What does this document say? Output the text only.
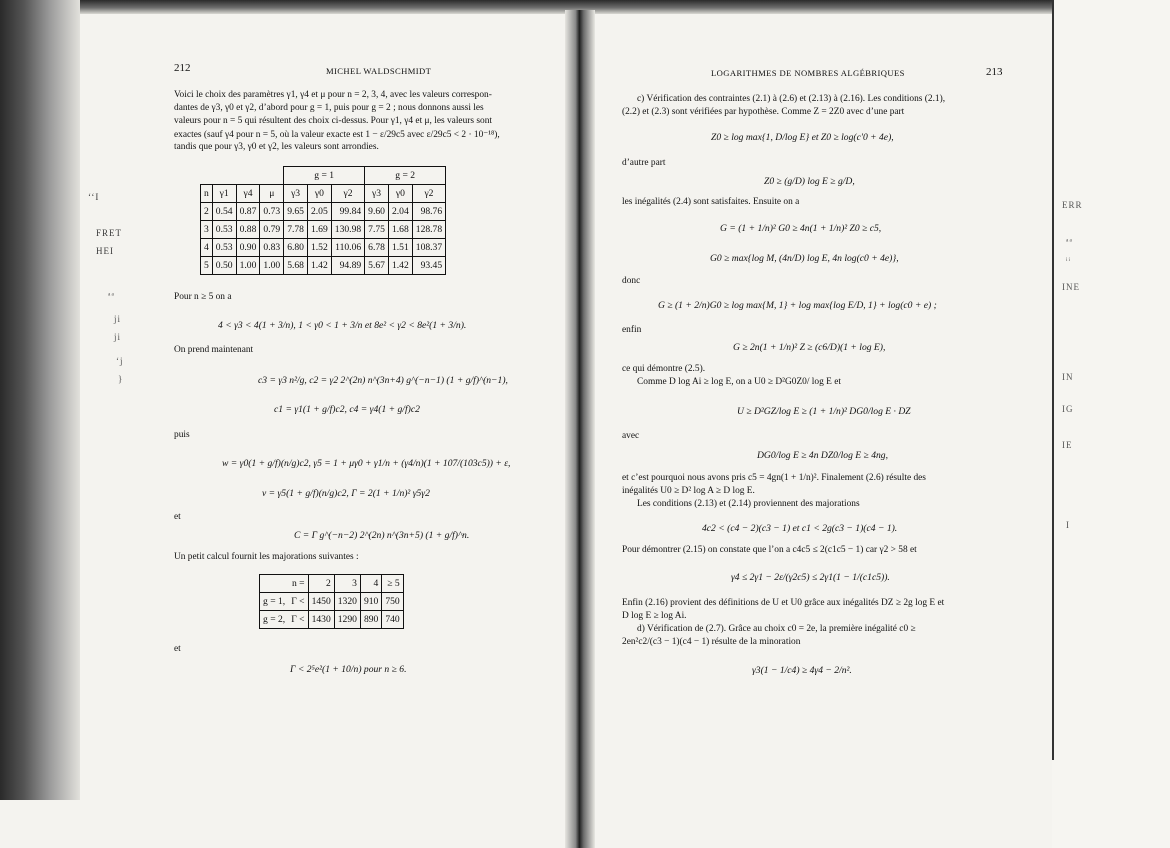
‘‘I
FRET
HEI
ᵃᵃ
ji
ji
‘j
}
ERR
ᵃᵃ
ᵢᵢ
INE
IN
IG
IE
I
212	MICHEL WALDSCHMIDT
Voici le choix des paramètres γ1, γ4 et μ pour n = 2, 3, 4, avec les valeurs correspon-
dantes de γ3, γ0 et γ2, d’abord pour g = 1, puis pour g = 2 ; nous donnons aussi les
valeurs pour n = 5 qui résultent des choix ci-dessus. Pour γ1, γ4 et μ, les valeurs sont
exactes (sauf γ4 pour n = 5, où la valeur exacte est 1 − ε/29c5 avec ε/29c5 < 2 · 10⁻¹⁸),
tandis que pour γ3, γ0 et γ2, les valeurs sont arrondies.
				g = 1			g = 2		
n	γ1	γ4	μ	γ3	γ0	γ2	γ3	γ0	γ2
2	0.54	0.87	0.73	9.65	2.05	99.84	9.60	2.04	98.76
3	0.53	0.88	0.79	7.78	1.69	130.98	7.75	1.68	128.78
4	0.53	0.90	0.83	6.80	1.52	110.06	6.78	1.51	108.37
5	0.50	1.00	1.00	5.68	1.42	94.89	5.67	1.42	93.45
Pour n ≥ 5 on a
4 < γ3 < 4(1 + 3/n), 1 < γ0 < 1 + 3/n et 8e² < γ2 < 8e²(1 + 3/n).
On prend maintenant
c3 = γ3 n²/g, c2 = γ2 2^(2n) n^(3n+4) g^(−n−1) (1 + g/f)^(n−1),
c1 = γ1(1 + g/f)c2, c4 = γ4(1 + g/f)c2
puis
w = γ0(1 + g/f)(n/g)c2, γ5 = 1 + μγ0 + γ1/n + (γ4/n)(1 + 107/(103c5)) + ε,
v = γ5(1 + g/f)(n/g)c2, Γ = 2(1 + 1/n)² γ5γ2
et
C = Γ g^(−n−2) 2^(2n) n^(3n+5) (1 + g/f)^n.
Un petit calcul fournit les majorations suivantes :
	n =	2	3	4	≥ 5
g = 1,	Γ <	1450	1320	910	750
g = 2,	Γ <	1430	1290	890	740
et
Γ < 2⁵e²(1 + 10/n) pour n ≥ 6.
LOGARITHMES DE NOMBRES ALGÉBRIQUES	213
c) Vérification des contraintes (2.1) à (2.6) et (2.13) à (2.16). Les conditions (2.1),
(2.2) et (2.3) sont vérifiées par hypothèse. Comme Z = 2Z0 avec d’une part
Z0 ≥ log max{1, D/log E} et Z0 ≥ log(c′0 + 4e),
d’autre part
Z0 ≥ (g/D) log E ≥ g/D,
les inégalités (2.4) sont satisfaites. Ensuite on a
G = (1 + 1/n)² G0 ≥ 4n(1 + 1/n)² Z0 ≥ c5,
G0 ≥ max{log M, (4n/D) log E, 4n log(c0 + 4e)},
donc
G ≥ (1 + 2/n)G0 ≥ log max{M, 1} + log max{log E/D, 1} + log(c0 + e) ;
enfin
G ≥ 2n(1 + 1/n)² Z ≥ (c6/D)(1 + log E),
ce qui démontre (2.5).
Comme D log Ai ≥ log E, on a U0 ≥ D²G0Z0/ log E et
U ≥ D²GZ/log E ≥ (1 + 1/n)² DG0/log E · DZ
avec
DG0/log E ≥ 4n DZ0/log E ≥ 4ng,
et c’est pourquoi nous avons pris c5 = 4gn(1 + 1/n)². Finalement (2.6) résulte des
inégalités U0 ≥ D² log A ≥ D log E.
Les conditions (2.13) et (2.14) proviennent des majorations
4c2 < (c4 − 2)(c3 − 1) et c1 < 2g(c3 − 1)(c4 − 1).
Pour démontrer (2.15) on constate que l’on a c4c5 ≤ 2(c1c5 − 1) car γ2 > 58 et
γ4 ≤ 2γ1 − 2ε/(γ2c5) ≤ 2γ1(1 − 1/(c1c5)).
Enfin (2.16) provient des définitions de U et U0 grâce aux inégalités DZ ≥ 2g log E et
D log E ≥ log Ai.
d) Vérification de (2.7). Grâce au choix c0 = 2e, la première inégalité c0 ≥
2en²c2/(c3 − 1)(c4 − 1) résulte de la minoration
γ3(1 − 1/c4) ≥ 4γ4 − 2/n².
